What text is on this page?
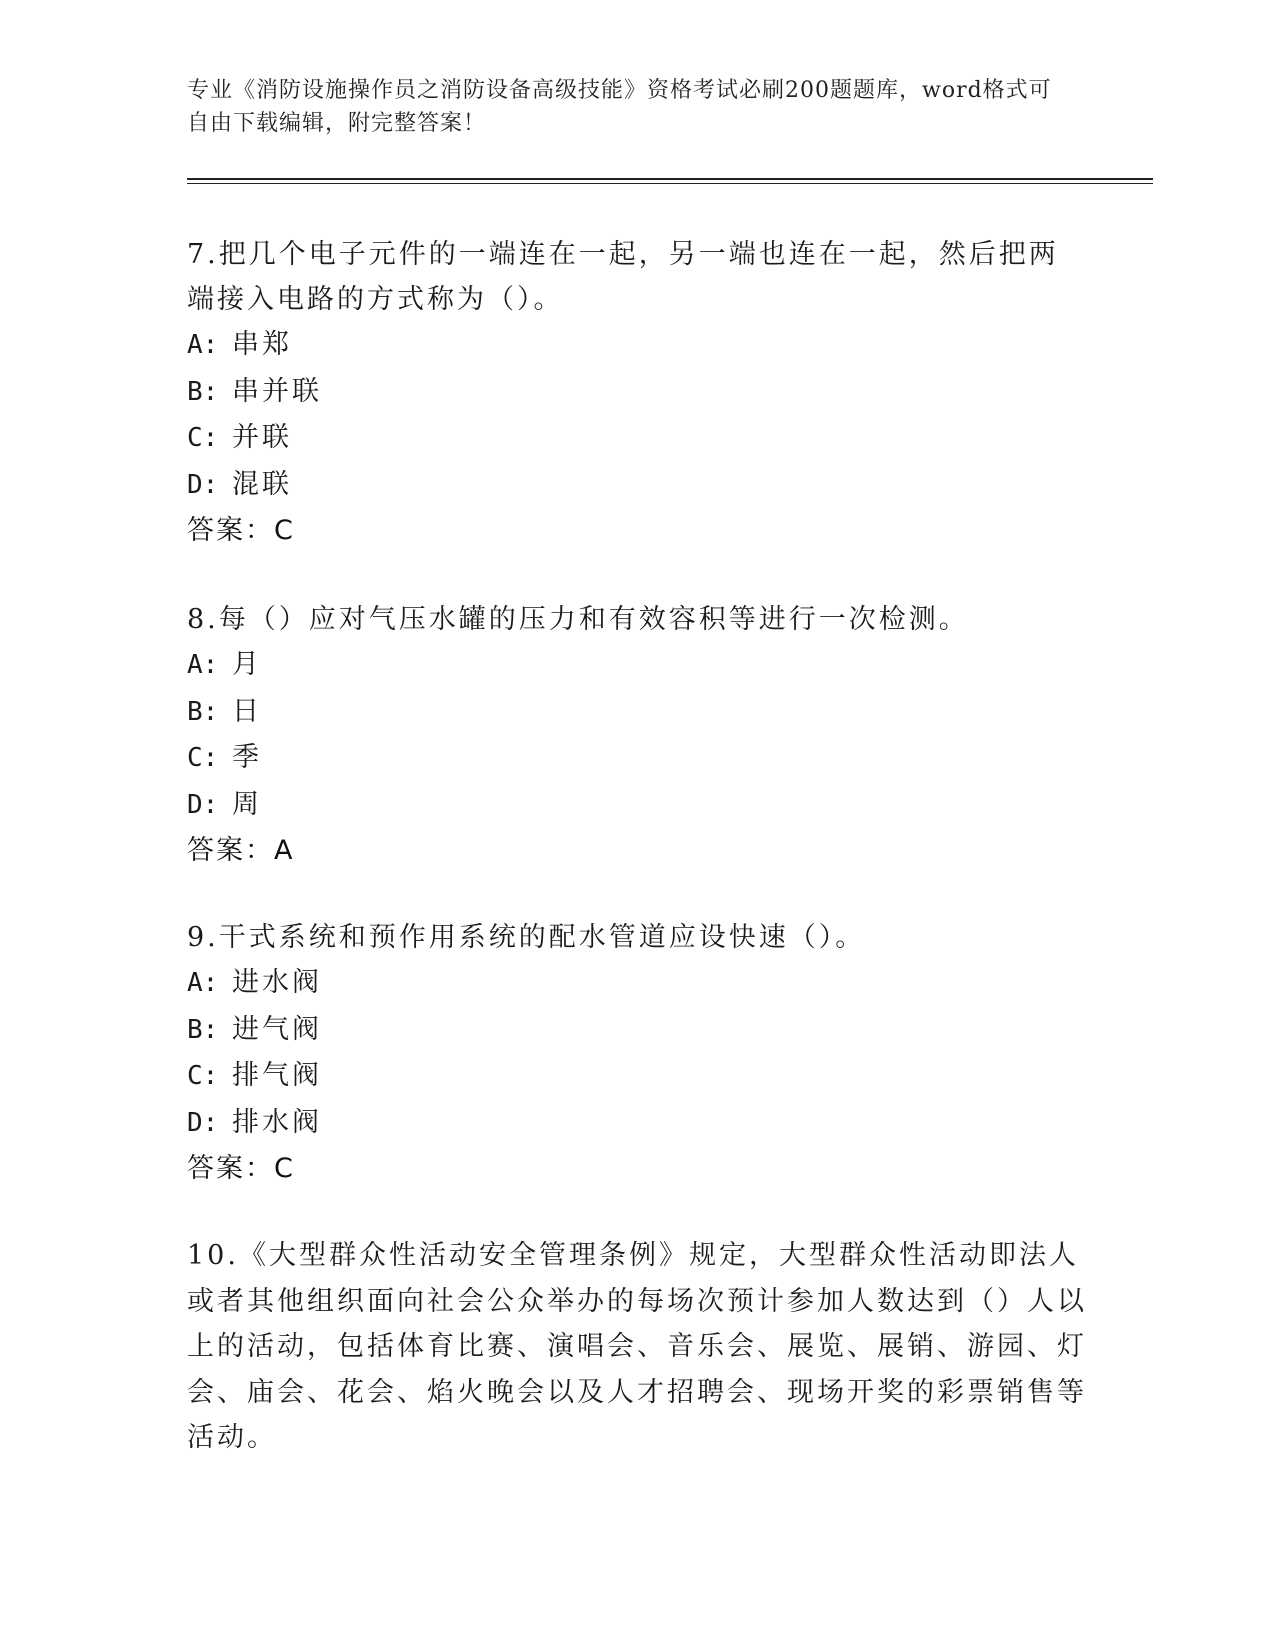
专业《消防设施操作员之消防设备高级技能》资格考试必刷200题题库，word格式可自由下载编辑，附完整答案！
7.把几个电子元件的一端连在一起，另一端也连在一起，然后把两端接入电路的方式称为（）。
A: 串郑
B: 串并联
C: 并联
D: 混联
答案：C
8.每（）应对气压水罐的压力和有效容积等进行一次检测。
A: 月
B: 日
C: 季
D: 周
答案：A
9.干式系统和预作用系统的配水管道应设快速（）。
A: 进水阀
B: 进气阀
C: 排气阀
D: 排水阀
答案：C
10.《大型群众性活动安全管理条例》规定，大型群众性活动即法人或者其他组织面向社会公众举办的每场次预计参加人数达到（）人以上的活动，包括体育比赛、演唱会、音乐会、展览、展销、游园、灯会、庙会、花会、焰火晚会以及人才招聘会、现场开奖的彩票销售等活动。
